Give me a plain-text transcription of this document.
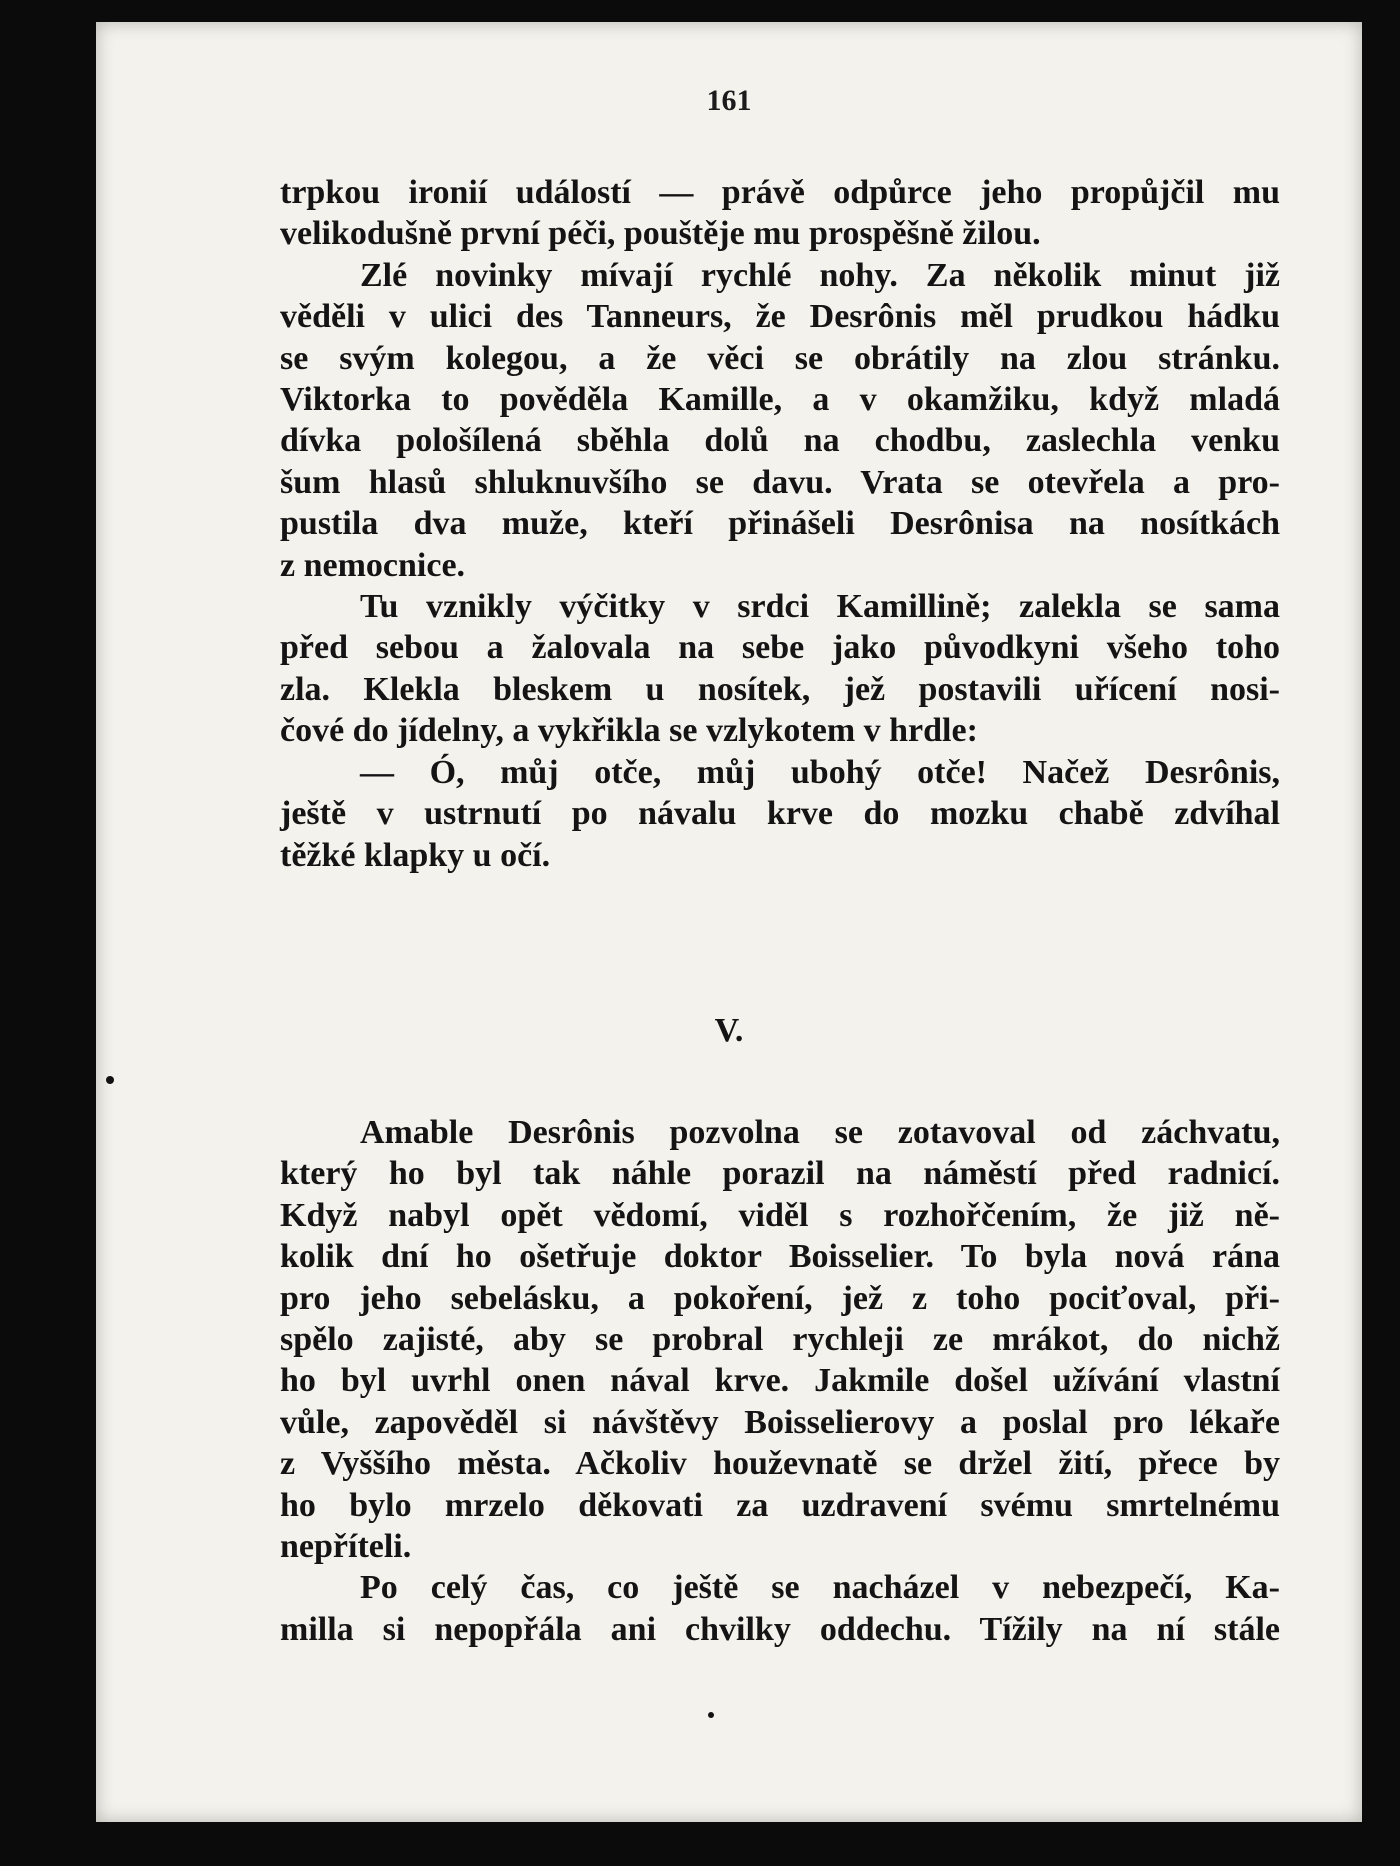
161
trpkou ironií událostí — právě odpůrce jeho propůjčil mu
velikodušně první péči, pouštěje mu prospěšně žilou.
Zlé novinky mívají rychlé nohy. Za několik minut již
věděli v ulici des Tanneurs, že Desrônis měl prudkou hádku
se svým kolegou, a že věci se obrátily na zlou stránku.
Viktorka to pověděla Kamille, a v okamžiku, když mladá
dívka pološílená sběhla dolů na chodbu, zaslechla venku
šum hlasů shluknuvšího se davu. Vrata se otevřela a pro-
pustila dva muže, kteří přinášeli Desrônisa na nosítkách
z nemocnice.
Tu vznikly výčitky v srdci Kamillině; zalekla se sama
před sebou a žalovala na sebe jako původkyni všeho toho
zla. Klekla bleskem u nosítek, jež postavili uřícení nosi-
čové do jídelny, a vykřikla se vzlykotem v hrdle:
— Ó, můj otče, můj ubohý otče! Načež Desrônis,
ještě v ustrnutí po návalu krve do mozku chabě zdvíhal
těžké klapky u očí.
V.
Amable Desrônis pozvolna se zotavoval od záchvatu,
který ho byl tak náhle porazil na náměstí před radnicí.
Když nabyl opět vědomí, viděl s rozhořčením, že již ně-
kolik dní ho ošetřuje doktor Boisselier. To byla nová rána
pro jeho sebelásku, a pokoření, jež z toho pociťoval, při-
spělo zajisté, aby se probral rychleji ze mrákot, do nichž
ho byl uvrhl onen nával krve. Jakmile došel užívání vlastní
vůle, zapověděl si návštěvy Boisselierovy a poslal pro lékaře
z Vyššího města. Ačkoliv houževnatě se držel žití, přece by
ho bylo mrzelo děkovati za uzdravení svému smrtelnému
nepříteli.
Po celý čas, co ještě se nacházel v nebezpečí, Ka-
milla si nepopřála ani chvilky oddechu. Tížily na ní stále
